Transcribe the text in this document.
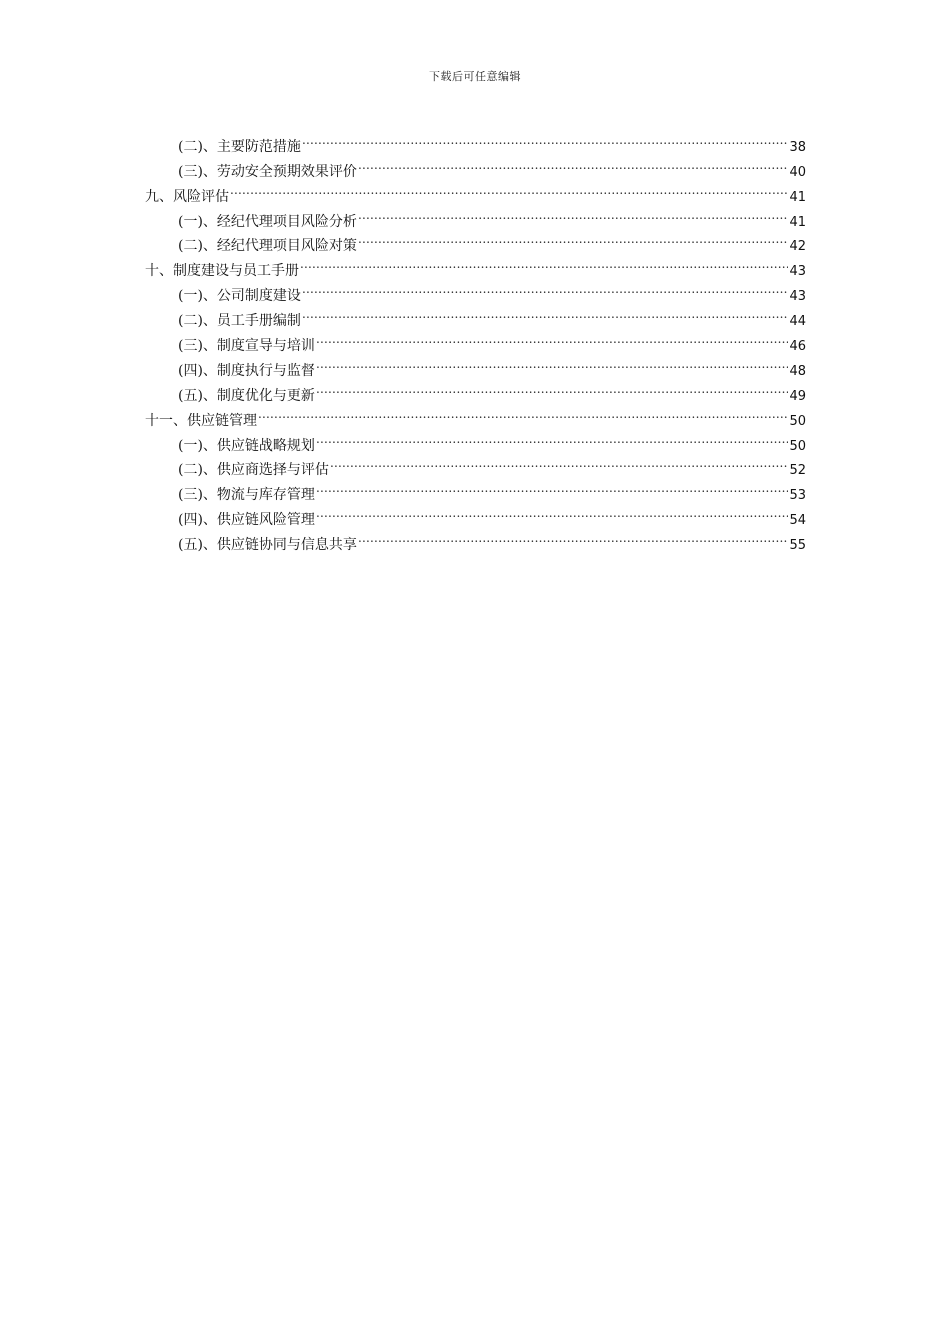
下载后可任意编辑
(二)、主要防范措施 .....	38
(三)、劳动安全预期效果评价 .....	40
九、风险评估 .....	41
(一)、经纪代理项目风险分析 .....	41
(二)、经纪代理项目风险对策 .....	42
十、制度建设与员工手册 .....	43
(一)、公司制度建设 .....	43
(二)、员工手册编制 .....	44
(三)、制度宣导与培训 .....	46
(四)、制度执行与监督 .....	48
(五)、制度优化与更新 .....	49
十一、供应链管理 .....	50
(一)、供应链战略规划 .....	50
(二)、供应商选择与评估 .....	52
(三)、物流与库存管理 .....	53
(四)、供应链风险管理 .....	54
(五)、供应链协同与信息共享 .....	55
